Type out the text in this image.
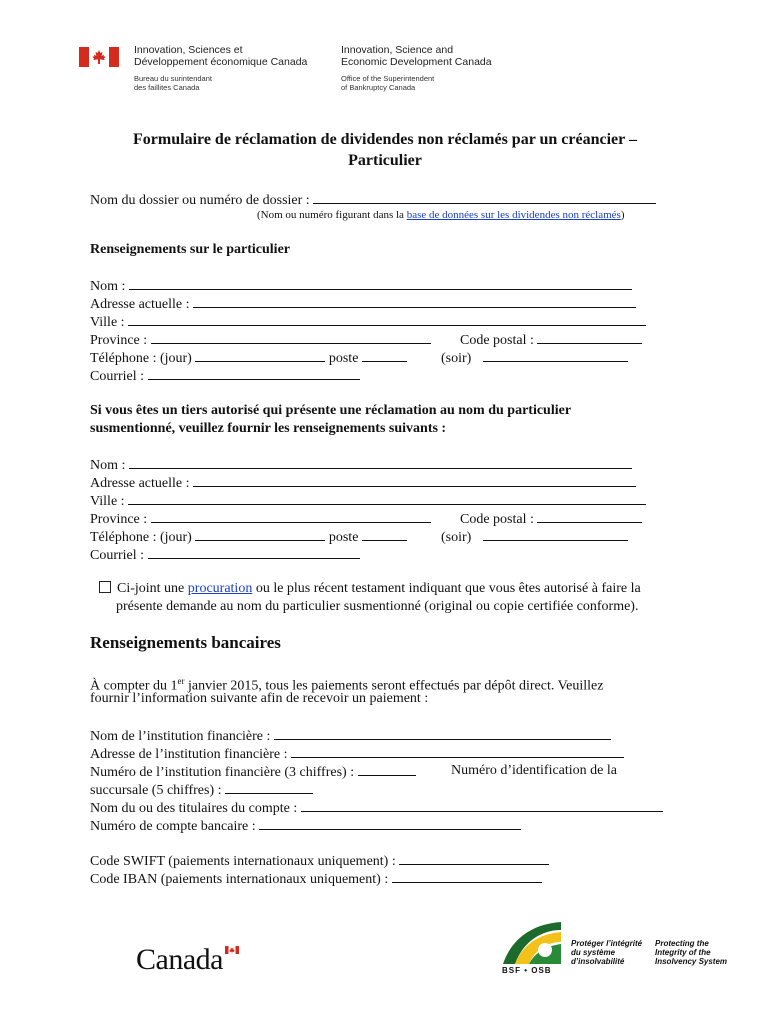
Innovation, Sciences et
Développement économique Canada
Bureau du surintendant
des faillites Canada
Innovation, Science and
Economic Development Canada
Office of the Superintendent
of Bankruptcy Canada
Formulaire de réclamation de dividendes non réclamés par un créancier –
Particulier
Nom du dossier ou numéro de dossier :
(Nom ou numéro figurant dans la base de données sur les dividendes non réclamés)
Renseignements sur le particulier
Nom :
Adresse actuelle :
Ville :
Province :	Code postal :
Téléphone : (jour)	poste	(soir)
Courriel :
Si vous êtes un tiers autorisé qui présente une réclamation au nom du particulier
susmentionné, veuillez fournir les renseignements suivants :
Nom :
Adresse actuelle :
Ville :
Province :	Code postal :
Téléphone : (jour)	poste	(soir)
Courriel :
Ci-joint une procuration ou le plus récent testament indiquant que vous êtes autorisé à faire la
présente demande au nom du particulier susmentionné (original ou copie certifiée conforme).
Renseignements bancaires
À compter du 1er janvier 2015, tous les paiements seront effectués par dépôt direct. Veuillez
fournir l’information suivante afin de recevoir un paiement :
Nom de l’institution financière :
Adresse de l’institution financière :
Numéro de l’institution financière (3 chiffres) :	Numéro d’identification de la
succursale (5 chiffres) :
Nom du ou des titulaires du compte :
Numéro de compte bancaire :
Code SWIFT (paiements internationaux uniquement) :
Code IBAN (paiements internationaux uniquement) :
Canada	BSF • OSB
Protéger l’intégrité
du système
d’insolvabilité
Protecting the
Integrity of the
Insolvency System
